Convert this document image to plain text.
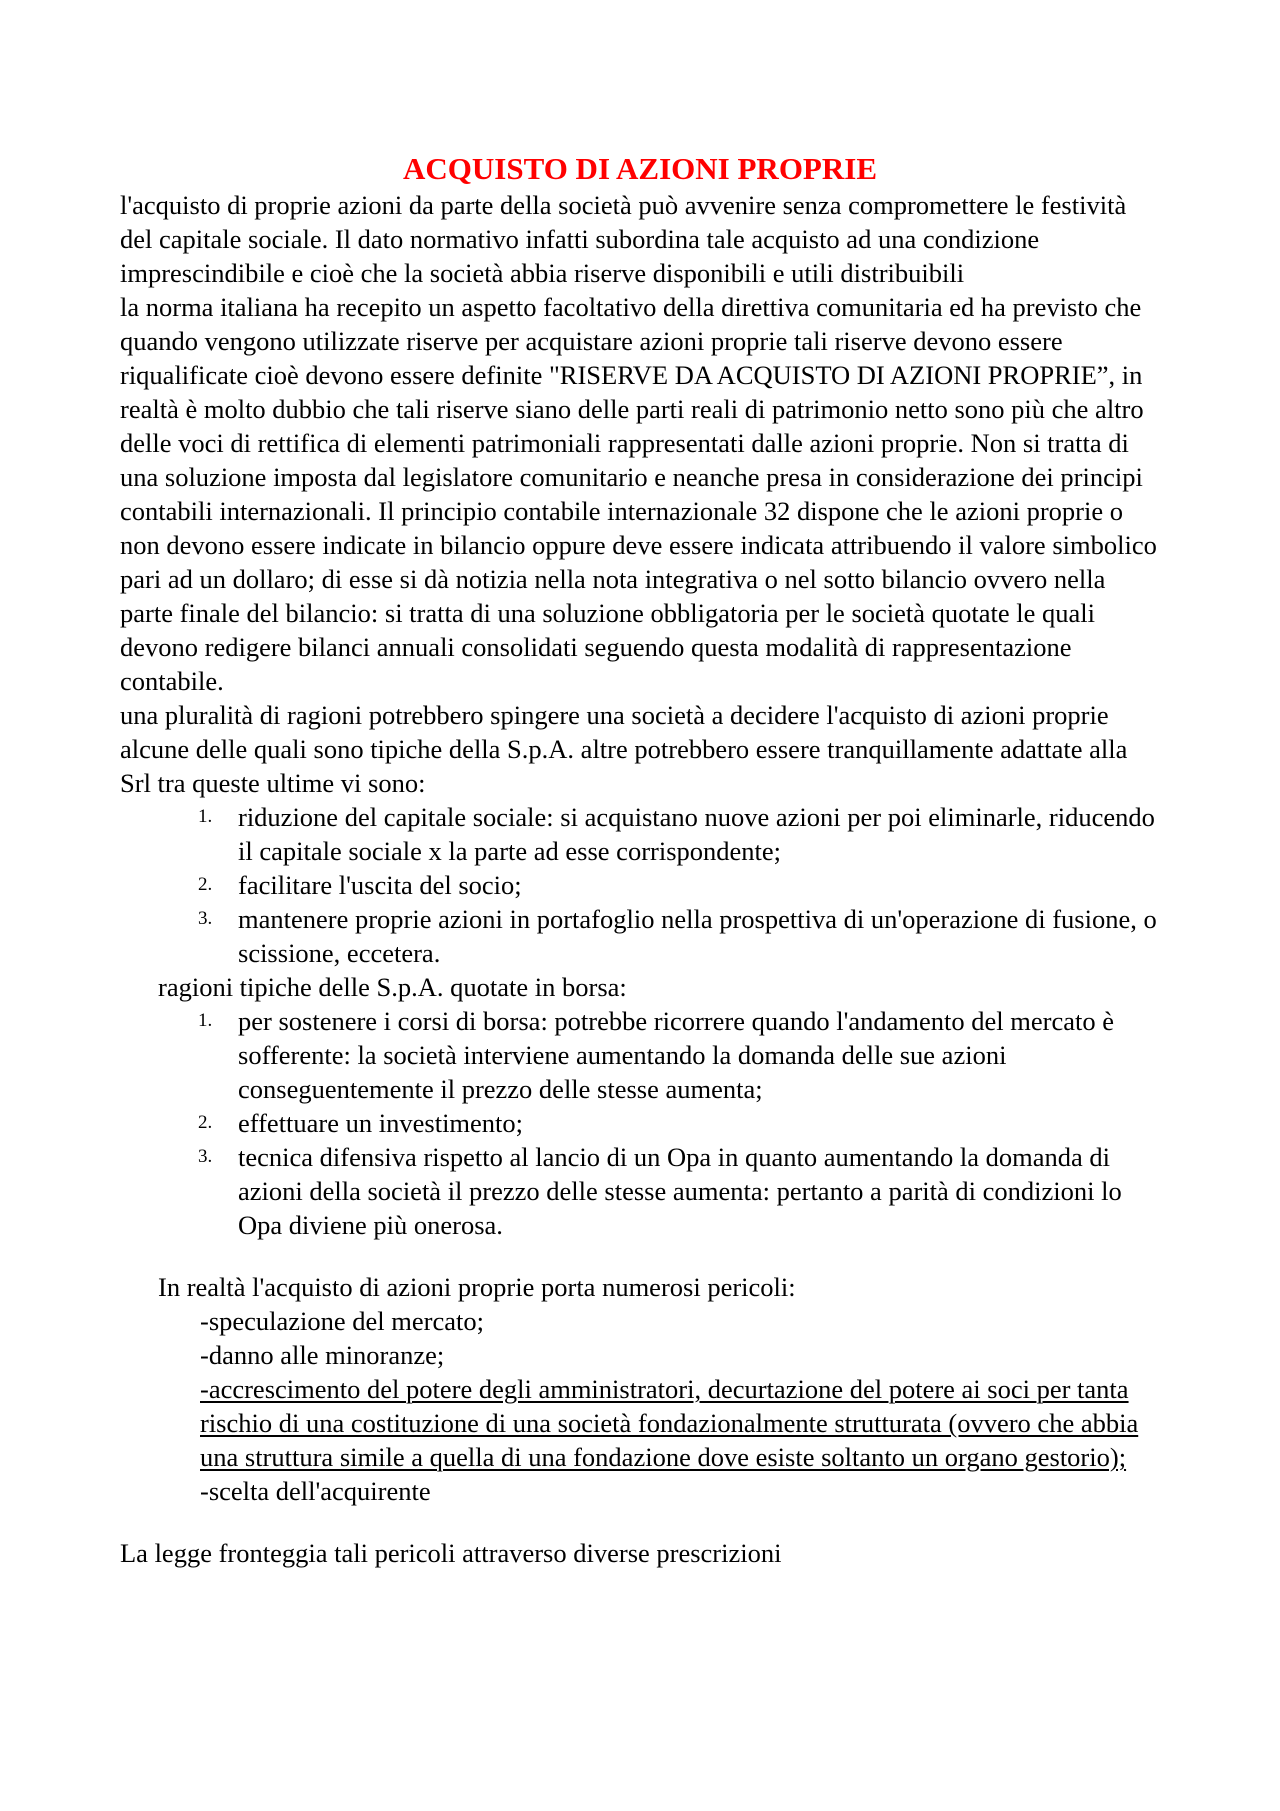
ACQUISTO DI AZIONI PROPRIE

l'acquisto di proprie azioni da parte della società può avvenire senza compromettere le festività del capitale sociale. Il dato normativo infatti subordina tale acquisto ad una condizione imprescindibile e cioè che la società abbia riserve disponibili e utili distribuibili

la norma italiana ha recepito un aspetto facoltativo della direttiva comunitaria ed ha previsto che quando vengono utilizzate riserve per acquistare azioni proprie tali riserve devono essere riqualificate cioè devono essere definite "RISERVE DA ACQUISTO DI AZIONI PROPRIE”, in realtà è molto dubbio che tali riserve siano delle parti reali di patrimonio netto sono più che altro delle voci di rettifica di elementi patrimoniali rappresentati dalle azioni proprie. Non si tratta di una soluzione imposta dal legislatore comunitario e neanche presa in considerazione dei principi contabili internazionali. Il principio contabile internazionale 32 dispone che le azioni proprie o non devono essere indicate in bilancio oppure deve essere indicata attribuendo il valore simbolico pari ad un dollaro; di esse si dà notizia nella nota integrativa o nel sotto bilancio ovvero nella parte finale del bilancio: si tratta di una soluzione obbligatoria per le società quotate le quali devono redigere bilanci annuali consolidati seguendo questa modalità di rappresentazione contabile.

una pluralità di ragioni potrebbero spingere una società a decidere l'acquisto di azioni proprie alcune delle quali sono tipiche della S.p.A. altre potrebbero essere tranquillamente adattate alla Srl tra queste ultime vi sono:

1. riduzione del capitale sociale: si acquistano nuove azioni per poi eliminarle, riducendo il capitale sociale x la parte ad esse corrispondente;
2. facilitare l'uscita del socio;
3. mantenere proprie azioni in portafoglio nella prospettiva di un'operazione di fusione, o scissione, eccetera.

ragioni tipiche delle S.p.A. quotate in borsa:

1. per sostenere i corsi di borsa: potrebbe ricorrere quando l'andamento del mercato è sofferente: la società interviene aumentando la domanda delle sue azioni conseguentemente il prezzo delle stesse aumenta;
2. effettuare un investimento;
3. tecnica difensiva rispetto al lancio di un Opa in quanto aumentando la domanda di azioni della società il prezzo delle stesse aumenta: pertanto a parità di condizioni lo Opa diviene più onerosa.

In realtà l'acquisto di azioni proprie porta numerosi pericoli:

-speculazione del mercato;
-danno alle minoranze;
-accrescimento del potere degli amministratori, decurtazione del potere ai soci per tanta rischio di una costituzione di una società fondazionalmente strutturata (ovvero che abbia una struttura simile a quella di una fondazione dove esiste soltanto un organo gestorio);
-scelta dell'acquirente

La legge fronteggia tali pericoli attraverso diverse prescrizioni
